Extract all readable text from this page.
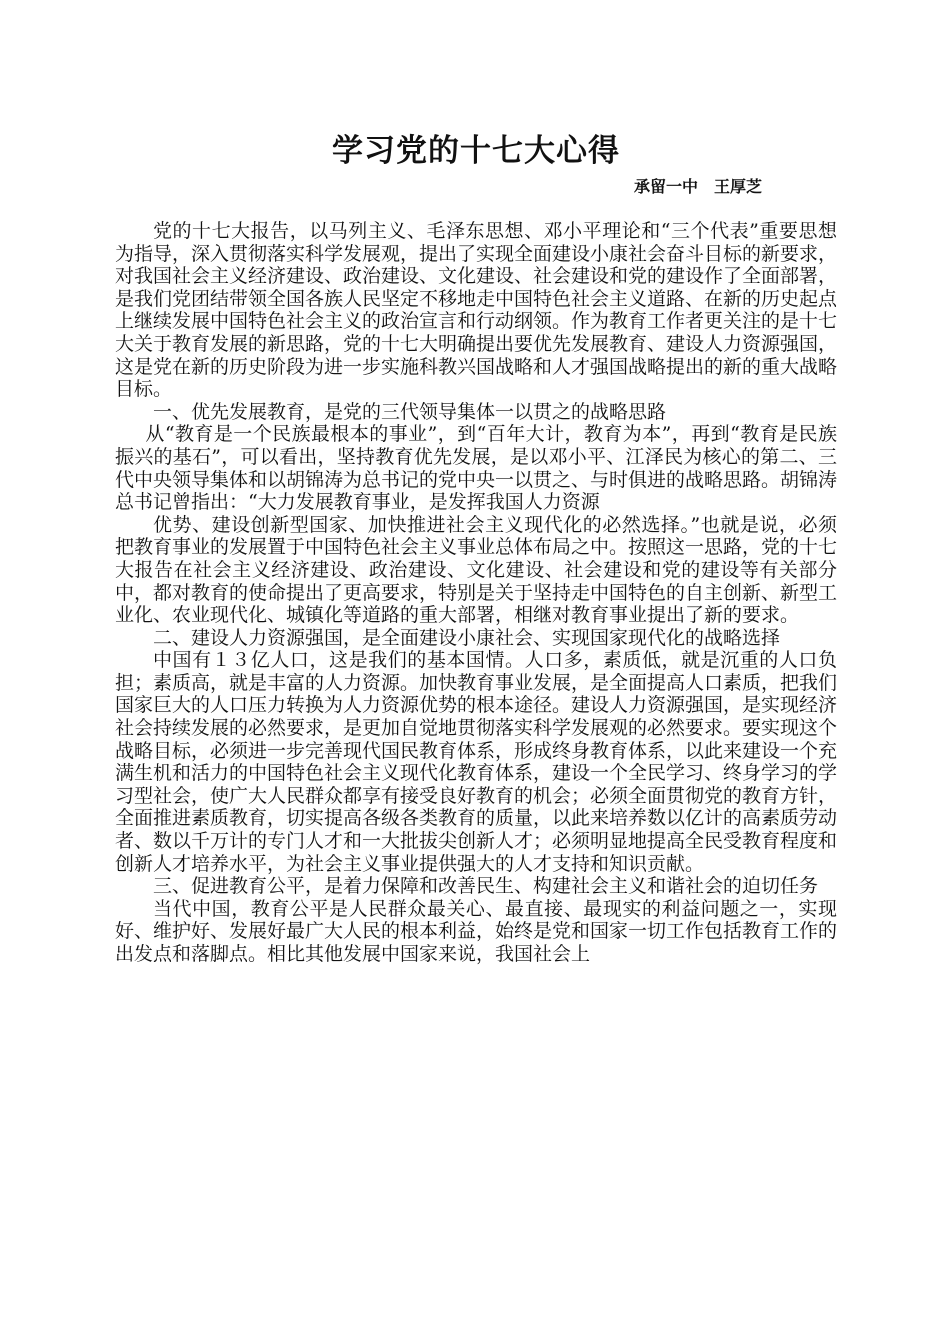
学习党的十七大心得
承留一中　王厚芝

党的十七大报告，以马列主义、毛泽东思想、邓小平理论和“三个代表”重要思想为指导，深入贯彻落实科学发展观，提出了实现全面建设小康社会奋斗目标的新要求，对我国社会主义经济建设、政治建设、文化建设、社会建设和党的建设作了全面部署，是我们党团结带领全国各族人民坚定不移地走中国特色社会主义道路、在新的历史起点上继续发展中国特色社会主义的政治宣言和行动纲领。作为教育工作者更关注的是十七大关于教育发展的新思路，党的十七大明确提出要优先发展教育、建设人力资源强国，这是党在新的历史阶段为进一步实施科教兴国战略和人才强国战略提出的新的重大战略目标。

一、优先发展教育，是党的三代领导集体一以贯之的战略思路

从“教育是一个民族最根本的事业”，到“百年大计，教育为本”，再到“教育是民族振兴的基石”，可以看出，坚持教育优先发展，是以邓小平、江泽民为核心的第二、三代中央领导集体和以胡锦涛为总书记的党中央一以贯之、与时俱进的战略思路。胡锦涛总书记曾指出：“大力发展教育事业，是发挥我国人力资源

优势、建设创新型国家、加快推进社会主义现代化的必然选择。”也就是说，必须把教育事业的发展置于中国特色社会主义事业总体布局之中。按照这一思路，党的十七大报告在社会主义经济建设、政治建设、文化建设、社会建设和党的建设等有关部分中，都对教育的使命提出了更高要求，特别是关于坚持走中国特色的自主创新、新型工业化、农业现代化、城镇化等道路的重大部署，相继对教育事业提出了新的要求。

二、建设人力资源强国，是全面建设小康社会、实现国家现代化的战略选择

中国有１３亿人口，这是我们的基本国情。人口多，素质低，就是沉重的人口负担；素质高，就是丰富的人力资源。加快教育事业发展，是全面提高人口素质，把我们国家巨大的人口压力转换为人力资源优势的根本途径。建设人力资源强国，是实现经济社会持续发展的必然要求，是更加自觉地贯彻落实科学发展观的必然要求。要实现这个战略目标，必须进一步完善现代国民教育体系，形成终身教育体系，以此来建设一个充满生机和活力的中国特色社会主义现代化教育体系，建设一个全民学习、终身学习的学习型社会，使广大人民群众都享有接受良好教育的机会；必须全面贯彻党的教育方针，全面推进素质教育，切实提高各级各类教育的质量，以此来培养数以亿计的高素质劳动者、数以千万计的专门人才和一大批拔尖创新人才；必须明显地提高全民受教育程度和创新人才培养水平，为社会主义事业提供强大的人才支持和知识贡献。

三、促进教育公平，是着力保障和改善民生、构建社会主义和谐社会的迫切任务

当代中国，教育公平是人民群众最关心、最直接、最现实的利益问题之一，实现好、维护好、发展好最广大人民的根本利益，始终是党和国家一切工作包括教育工作的出发点和落脚点。相比其他发展中国家来说，我国社会上
